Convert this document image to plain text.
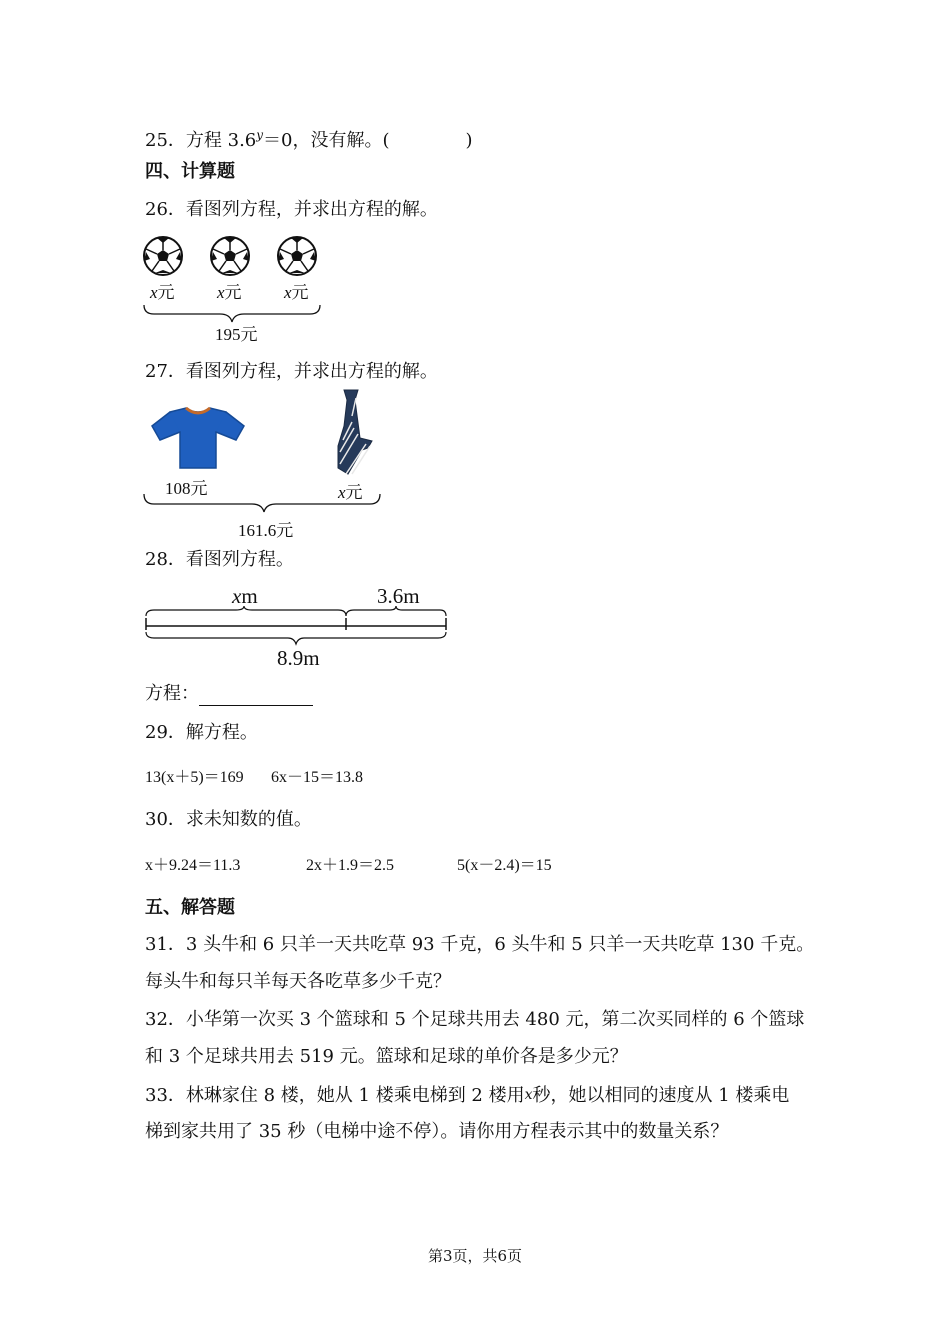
25．方程 $3.6^y=0$，没有解。(	)
四、计算题
26．看图列方程，并求出方程的解。
x元 x元 x元
195元
27．看图列方程，并求出方程的解。
108元	x元
161.6元
28．看图列方程。
xm	3.6m
8.9m
方程：
29．解方程。
13(x＋5)＝169 6x－15＝13.8
30．求未知数的值。
x＋9.24＝11.3	2x＋1.9＝2.5	5(x－2.4)＝15
五、解答题
31．3 头牛和 6 只羊一天共吃草 93 千克，6 头牛和 5 只羊一天共吃草 130 千克。
每头牛和每只羊每天各吃草多少千克？
32．小华第一次买 3 个篮球和 5 个足球共用去 480 元，第二次买同样的 6 个篮球
和 3 个足球共用去 519 元。篮球和足球的单价各是多少元？
33．林琳家住 8 楼，她从 1 楼乘电梯到 2 楼用x秒，她以相同的速度从 1 楼乘电
梯到家共用了 35 秒（电梯中途不停）。请你用方程表示其中的数量关系？
第3页，共6页
